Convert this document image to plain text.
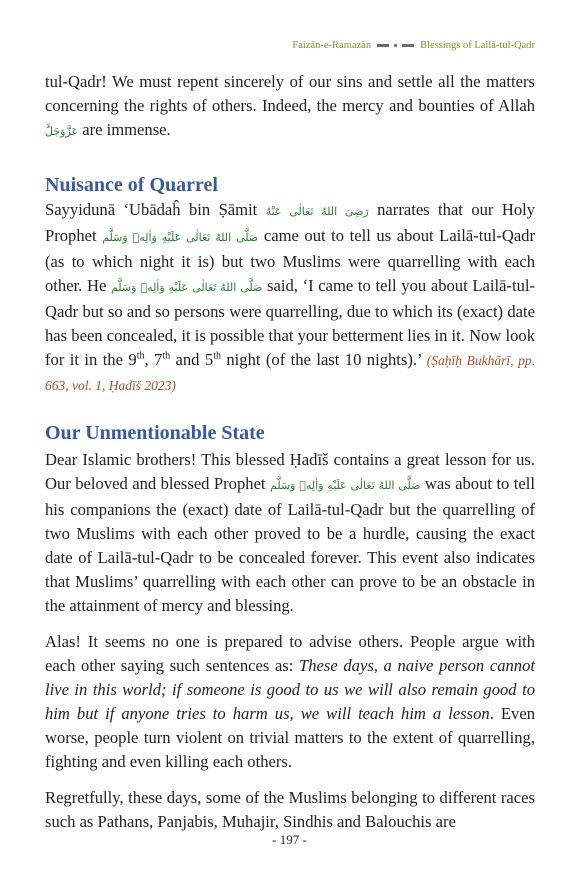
Faizān-e-Ramazān	Blessings of Lailā-tul-Qadr

tul-Qadr! We must repent sincerely of our sins and settle all the matters concerning the rights of others. Indeed, the mercy and bounties of Allah عَزَّوَجَلَّ are immense.

Nuisance of Quarrel

Sayyidunā ‘Ubādaĥ bin Ṣāmit رَضِیَ اللهُ تَعَالٰی عَنْهُ narrates that our Holy Prophet صَلَّى اللهُ تَعَالٰى عَلَيْهِ وَاٰلِهٖ وَسَلَّم came out to tell us about Lailā-tul-Qadr (as to which night it is) but two Muslims were quarrelling with each other. He صَلَّى اللهُ تَعَالٰى عَلَيْهِ وَاٰلِهٖ وَسَلَّم said, ‘I came to tell you about Lailā-tul-Qadr but so and so persons were quarrelling, due to which its (exact) date has been concealed, it is possible that your betterment lies in it. Now look for it in the 9th, 7th and 5th night (of the last 10 nights).’ (Ṣaḥīḥ Bukhārī, pp. 663, vol. 1, Ḥadīš 2023)

Our Unmentionable State

Dear Islamic brothers! This blessed Ḥadīš contains a great lesson for us. Our beloved and blessed Prophet صَلَّى اللهُ تَعَالٰى عَلَيْهِ وَاٰلِهٖ وَسَلَّم was about to tell his companions the (exact) date of Lailā-tul-Qadr but the quarrelling of two Muslims with each other proved to be a hurdle, causing the exact date of Lailā-tul-Qadr to be concealed forever. This event also indicates that Muslims’ quarrelling with each other can prove to be an obstacle in the attainment of mercy and blessing.

Alas! It seems no one is prepared to advise others. People argue with each other saying such sentences as: These days, a naive person cannot live in this world; if someone is good to us we will also remain good to him but if anyone tries to harm us, we will teach him a lesson. Even worse, people turn violent on trivial matters to the extent of quarrelling, fighting and even killing each others.

Regretfully, these days, some of the Muslims belonging to different races such as Pathans, Panjabis, Muhajir, Sindhis and Balouchis are

- 197 -
